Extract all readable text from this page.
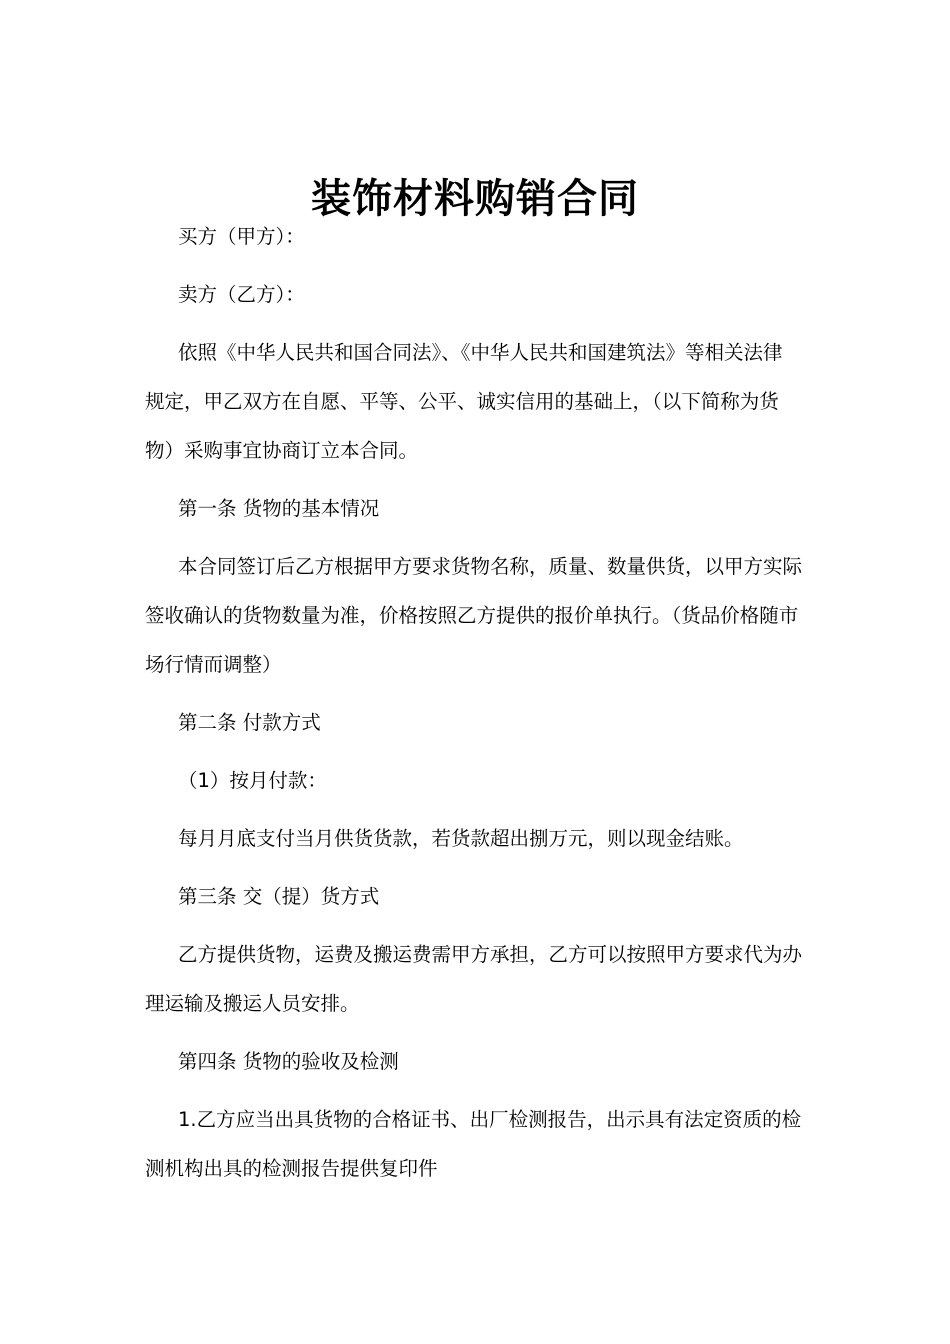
装饰材料购销合同
买方（甲方）：
卖方（乙方）：
依照《中华人民共和国合同法》、《中华人民共和国建筑法》等相关法律
规定，甲乙双方在自愿、平等、公平、诚实信用的基础上，（以下简称为货
物）采购事宜协商订立本合同。
第一条 货物的基本情况
本合同签订后乙方根据甲方要求货物名称，质量、数量供货，以甲方实际
签收确认的货物数量为准，价格按照乙方提供的报价单执行。（货品价格随市
场行情而调整）
第二条 付款方式
（1）按月付款：
每月月底支付当月供货货款，若货款超出捌万元，则以现金结账。
第三条 交（提）货方式
乙方提供货物，运费及搬运费需甲方承担，乙方可以按照甲方要求代为办
理运输及搬运人员安排。
第四条 货物的验收及检测
1.乙方应当出具货物的合格证书、出厂检测报告，出示具有法定资质的检
测机构出具的检测报告提供复印件
